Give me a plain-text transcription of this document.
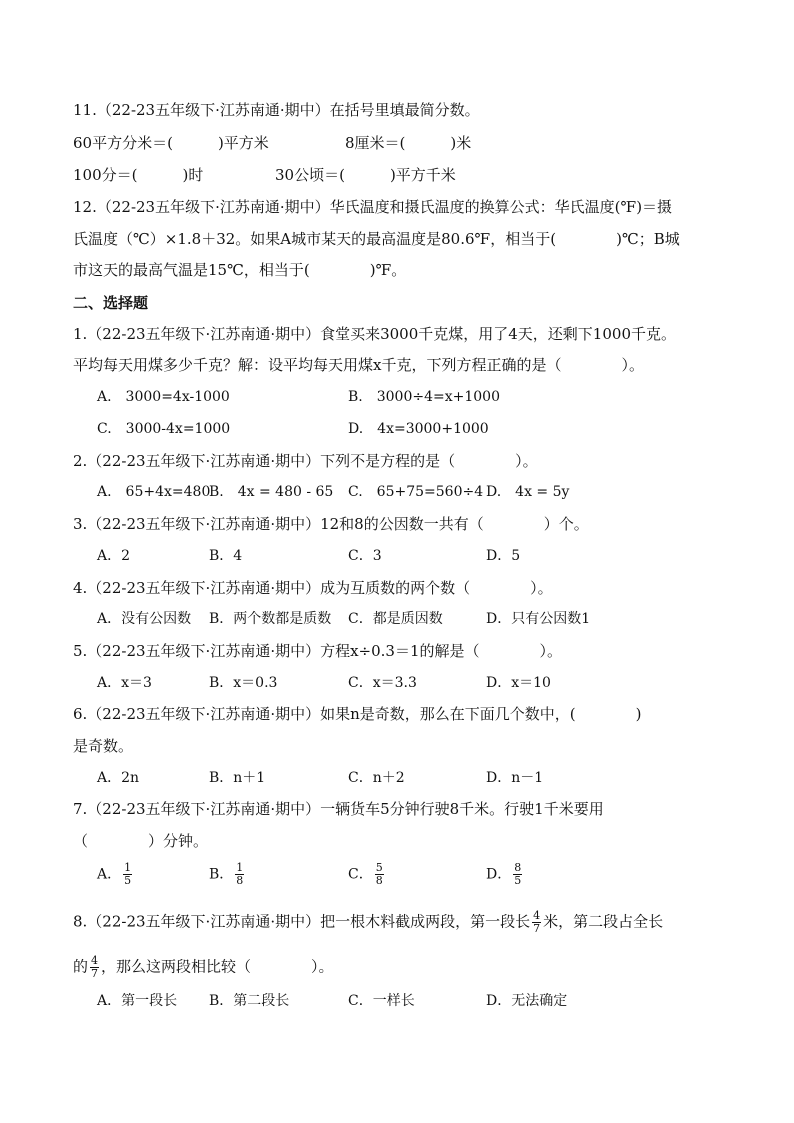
11.（22-23五年级下·江苏南通·期中）在括号里填最简分数。
60平方分米＝(　　　)平方米	8厘米＝(　　　)米
100分＝(　　　)时	30公顷＝(　　　)平方千米
12.（22-23五年级下·江苏南通·期中）华氏温度和摄氏温度的换算公式：华氏温度(℉)＝摄
氏温度（℃）×1.8＋32。如果A城市某天的最高温度是80.6℉，相当于(　　　　)℃；B城
市这天的最高气温是15℃，相当于(　　　　)℉。
二、选择题
1.（22-23五年级下·江苏南通·期中）食堂买来3000千克煤，用了4天，还剩下1000千克。
平均每天用煤多少千克？解：设平均每天用煤x千克，下列方程正确的是（　　　　）。
A.　3000=4x-1000	B.　3000÷4=x+1000
C.　3000-4x=1000	D.　4x=3000+1000
2.（22-23五年级下·江苏南通·期中）下列不是方程的是（　　　　）。
A.　65+4x=480
B.　4x = 480 - 65 C.　65+75=560÷4 D.　4x = 5y
3.（22-23五年级下·江苏南通·期中）12和8的公因数一共有（　　　　）个。
A．2	B．4	C．3	D．5
4.（22-23五年级下·江苏南通·期中）成为互质数的两个数（　　　　）。
A．没有公因数 B．两个数都是质数 C．都是质因数	D．只有公因数1
5.（22-23五年级下·江苏南通·期中）方程x÷0.3＝1的解是（　　　　）。
A．x＝3	B．x＝0.3	C．x＝3.3	D．x＝10
6.（22-23五年级下·江苏南通·期中）如果n是奇数，那么在下面几个数中，(　　　　)
是奇数。
A．2n	B．n＋1	C．n＋2	D．n－1
7.（22-23五年级下·江苏南通·期中）一辆货车5分钟行驶8千米。行驶1千米要用
（　　　　）分钟。
A． $\frac{1}{5}$	B． $\frac{1}{8}$	C． $\frac{5}{8}$	D． $\frac{8}{5}$
8.（22-23五年级下·江苏南通·期中）把一根木料截成两段，第一段长 $\frac{4}{7}$ 米，第二段占全长
的 $\frac{4}{7}$ ，那么这两段相比较（　　　　）。
A．第一段长 B．第二段长	C．一样长	D．无法确定
